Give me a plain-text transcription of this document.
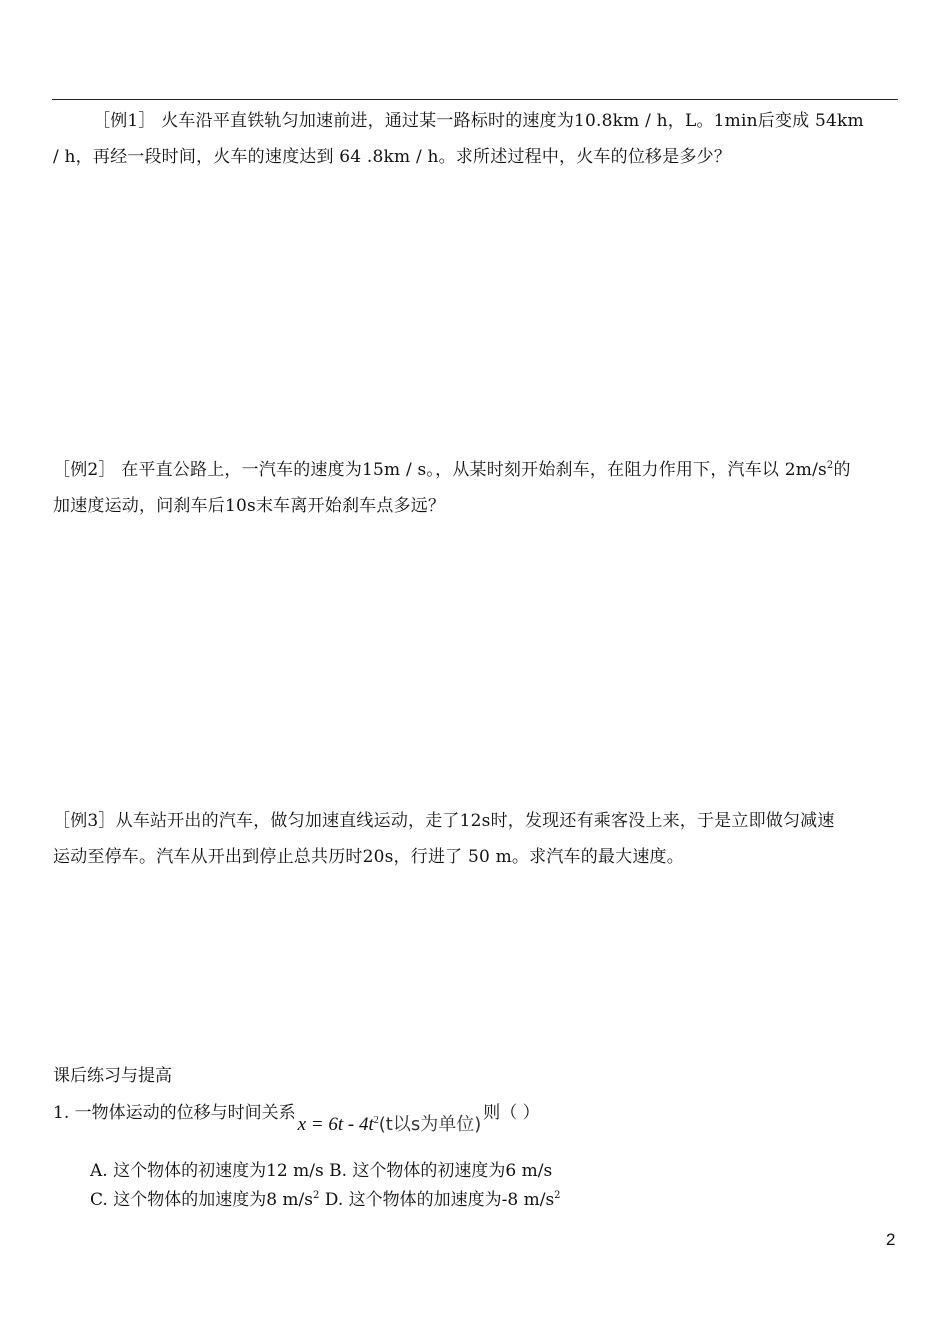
［例1］ 火车沿平直铁轨匀加速前进，通过某一路标时的速度为10.8km / h，L。1min后变成 54km
/ h，再经一段时间，火车的速度达到 64 .8km / h。求所述过程中，火车的位移是多少？
［例2］ 在平直公路上，一汽车的速度为15m / s。，从某时刻开始刹车，在阻力作用下，汽车以 $2m/s^2$的
加速度运动，问刹车后10s末车离开始刹车点多远？
［例3］从车站开出的汽车，做匀加速直线运动，走了12s时，发现还有乘客没上来，于是立即做匀减速
运动至停车。汽车从开出到停止总共历时20s，行进了 50 m。求汽车的最大速度。
课后练习与提高
1. 一物体运动的位移与时间关系$x = 6t - 4t^2(t$以s为单位)则（ ）
A. 这个物体的初速度为12 m/s B. 这个物体的初速度为6 m/s
C. 这个物体的加速度为8 $m/s^2$ D. 这个物体的加速度为-8 $m/s^2$
2
